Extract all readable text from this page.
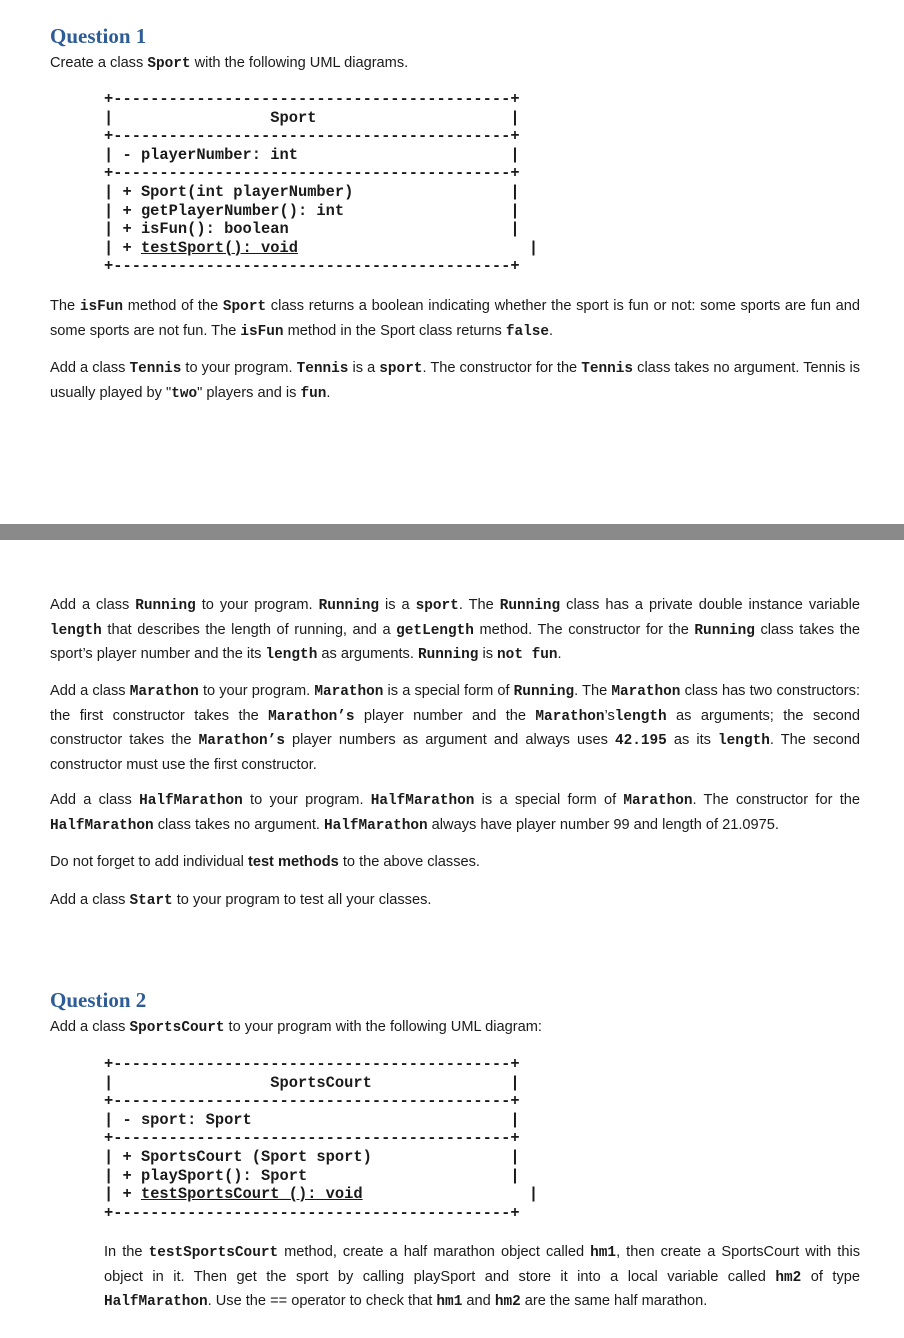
Question 1

Create a class Sport with the following UML diagrams.

+-------------------------------------------+
|                 Sport                     |
+-------------------------------------------+
| - playerNumber: int                       |
+-------------------------------------------+
| + Sport(int playerNumber)                 |
| + getPlayerNumber(): int                  |
| + isFun(): boolean                        |
| + testSport(): void                         |
+-------------------------------------------+

The isFun method of the Sport class returns a boolean indicating whether the sport is fun or not: some sports are fun and some sports are not fun. The isFun method in the Sport class returns false.

Add a class Tennis to your program. Tennis is a sport. The constructor for the Tennis class takes no argument. Tennis is usually played by "two" players and is fun.

Add a class Running to your program. Running is a sport. The Running class has a private double instance variable length that describes the length of running, and a getLength method. The constructor for the Running class takes the sport’s player number and the its length as arguments. Running is not fun.

Add a class Marathon to your program. Marathon is a special form of Running. The Marathon class has two constructors: the first constructor takes the Marathon’s player number and the Marathon’slength as arguments; the second constructor takes the Marathon’s player numbers as argument and always uses 42.195 as its length. The second constructor must use the first constructor.

Add a class HalfMarathon to your program. HalfMarathon is a special form of Marathon. The constructor for the HalfMarathon class takes no argument. HalfMarathon always have player number 99 and length of 21.0975.

Do not forget to add individual test methods to the above classes.

Add a class Start to your program to test all your classes.

Question 2

Add a class SportsCourt to your program with the following UML diagram:

+-------------------------------------------+
|                 SportsCourt               |
+-------------------------------------------+
| - sport: Sport                            |
+-------------------------------------------+
| + SportsCourt (Sport sport)               |
| + playSport(): Sport                      |
| + testSportsCourt_(): void                  |
+-------------------------------------------+

In the testSportsCourt method, create a half marathon object called hm1, then create a SportsCourt with this object in it. Then get the sport by calling playSport and store it into a local variable called hm2 of type HalfMarathon. Use the == operator to check that hm1 and hm2 are the same half marathon.
